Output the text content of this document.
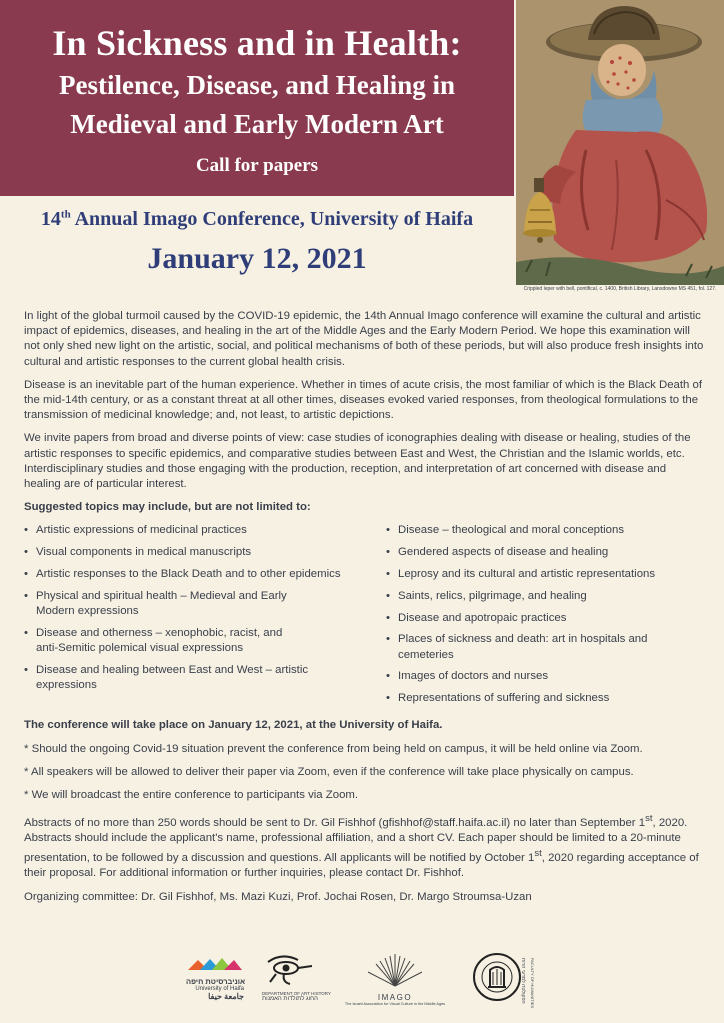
In Sickness and in Health:
Pestilence, Disease, and Healing in
Medieval and Early Modern Art
Call for papers
Crippled leper with bell, pontifical, c. 1400, British Library, Lansdowne MS 451, fol. 127.
14th Annual Imago Conference, University of Haifa
January 12, 2021

In light of the global turmoil caused by the COVID-19 epidemic, the 14th Annual Imago conference will examine the cultural and artistic impact of epidemics, diseases, and healing in the art of the Middle Ages and the Early Modern Period. We hope this examination will not only shed new light on the artistic, social, and political mechanisms of both of these periods, but will also produce fresh insights into cultural and artistic responses to the current global health crisis.

Disease is an inevitable part of the human experience. Whether in times of acute crisis, the most familiar of which is the Black Death of the mid-14th century, or as a constant threat at all other times, diseases evoked varied responses, from theological formulations to the transmission of medicinal knowledge; and, not least, to artistic depictions.

We invite papers from broad and diverse points of view: case studies of iconographies dealing with disease or healing, studies of the artistic responses to specific epidemics, and comparative studies between East and West, the Christian and the Islamic worlds, etc. Interdisciplinary studies and those engaging with the production, reception, and interpretation of art concerned with disease and healing are of particular interest.

Suggested topics may include, but are not limited to:
• Artistic expressions of medicinal practices
• Visual components in medical manuscripts
• Artistic responses to the Black Death and to other epidemics
• Physical and spiritual health – Medieval and Early Modern expressions
• Disease and otherness – xenophobic, racist, and anti-Semitic polemical visual expressions
• Disease and healing between East and West – artistic expressions
• Disease – theological and moral conceptions
• Gendered aspects of disease and healing
• Leprosy and its cultural and artistic representations
• Saints, relics, pilgrimage, and healing
• Disease and apotropaic practices
• Places of sickness and death: art in hospitals and cemeteries
• Images of doctors and nurses
• Representations of suffering and sickness

The conference will take place on January 12, 2021, at the University of Haifa.

* Should the ongoing Covid-19 situation prevent the conference from being held on campus, it will be held online via Zoom.

* All speakers will be allowed to deliver their paper via Zoom, even if the conference will take place physically on campus.

* We will broadcast the entire conference to participants via Zoom.

Abstracts of no more than 250 words should be sent to Dr. Gil Fishhof (gfishhof@staff.haifa.ac.il) no later than September 1st, 2020. Abstracts should include the applicant's name, professional affiliation, and a short CV. Each paper should be limited to a 20-minute presentation, to be followed by a discussion and questions. All applicants will be notified by October 1st, 2020 regarding acceptance of their proposal. For additional information or further inquiries, please contact Dr. Fishhof.

Organizing committee: Dr. Gil Fishhof, Ms. Mazi Kuzi, Prof. Jochai Rosen, Dr. Margo Stroumsa-Uzan

אוניברסיטת חיפה
University of Haifa
جامعة حيفا	DEPARTMENT OF ART HISTORY
החוג לתולדות האמנות	IMAGO
The Israeli Association for Visual Culture in the Middle Ages
הפקולטה למדעי הרוח FACULTY OF HUMANITIES
